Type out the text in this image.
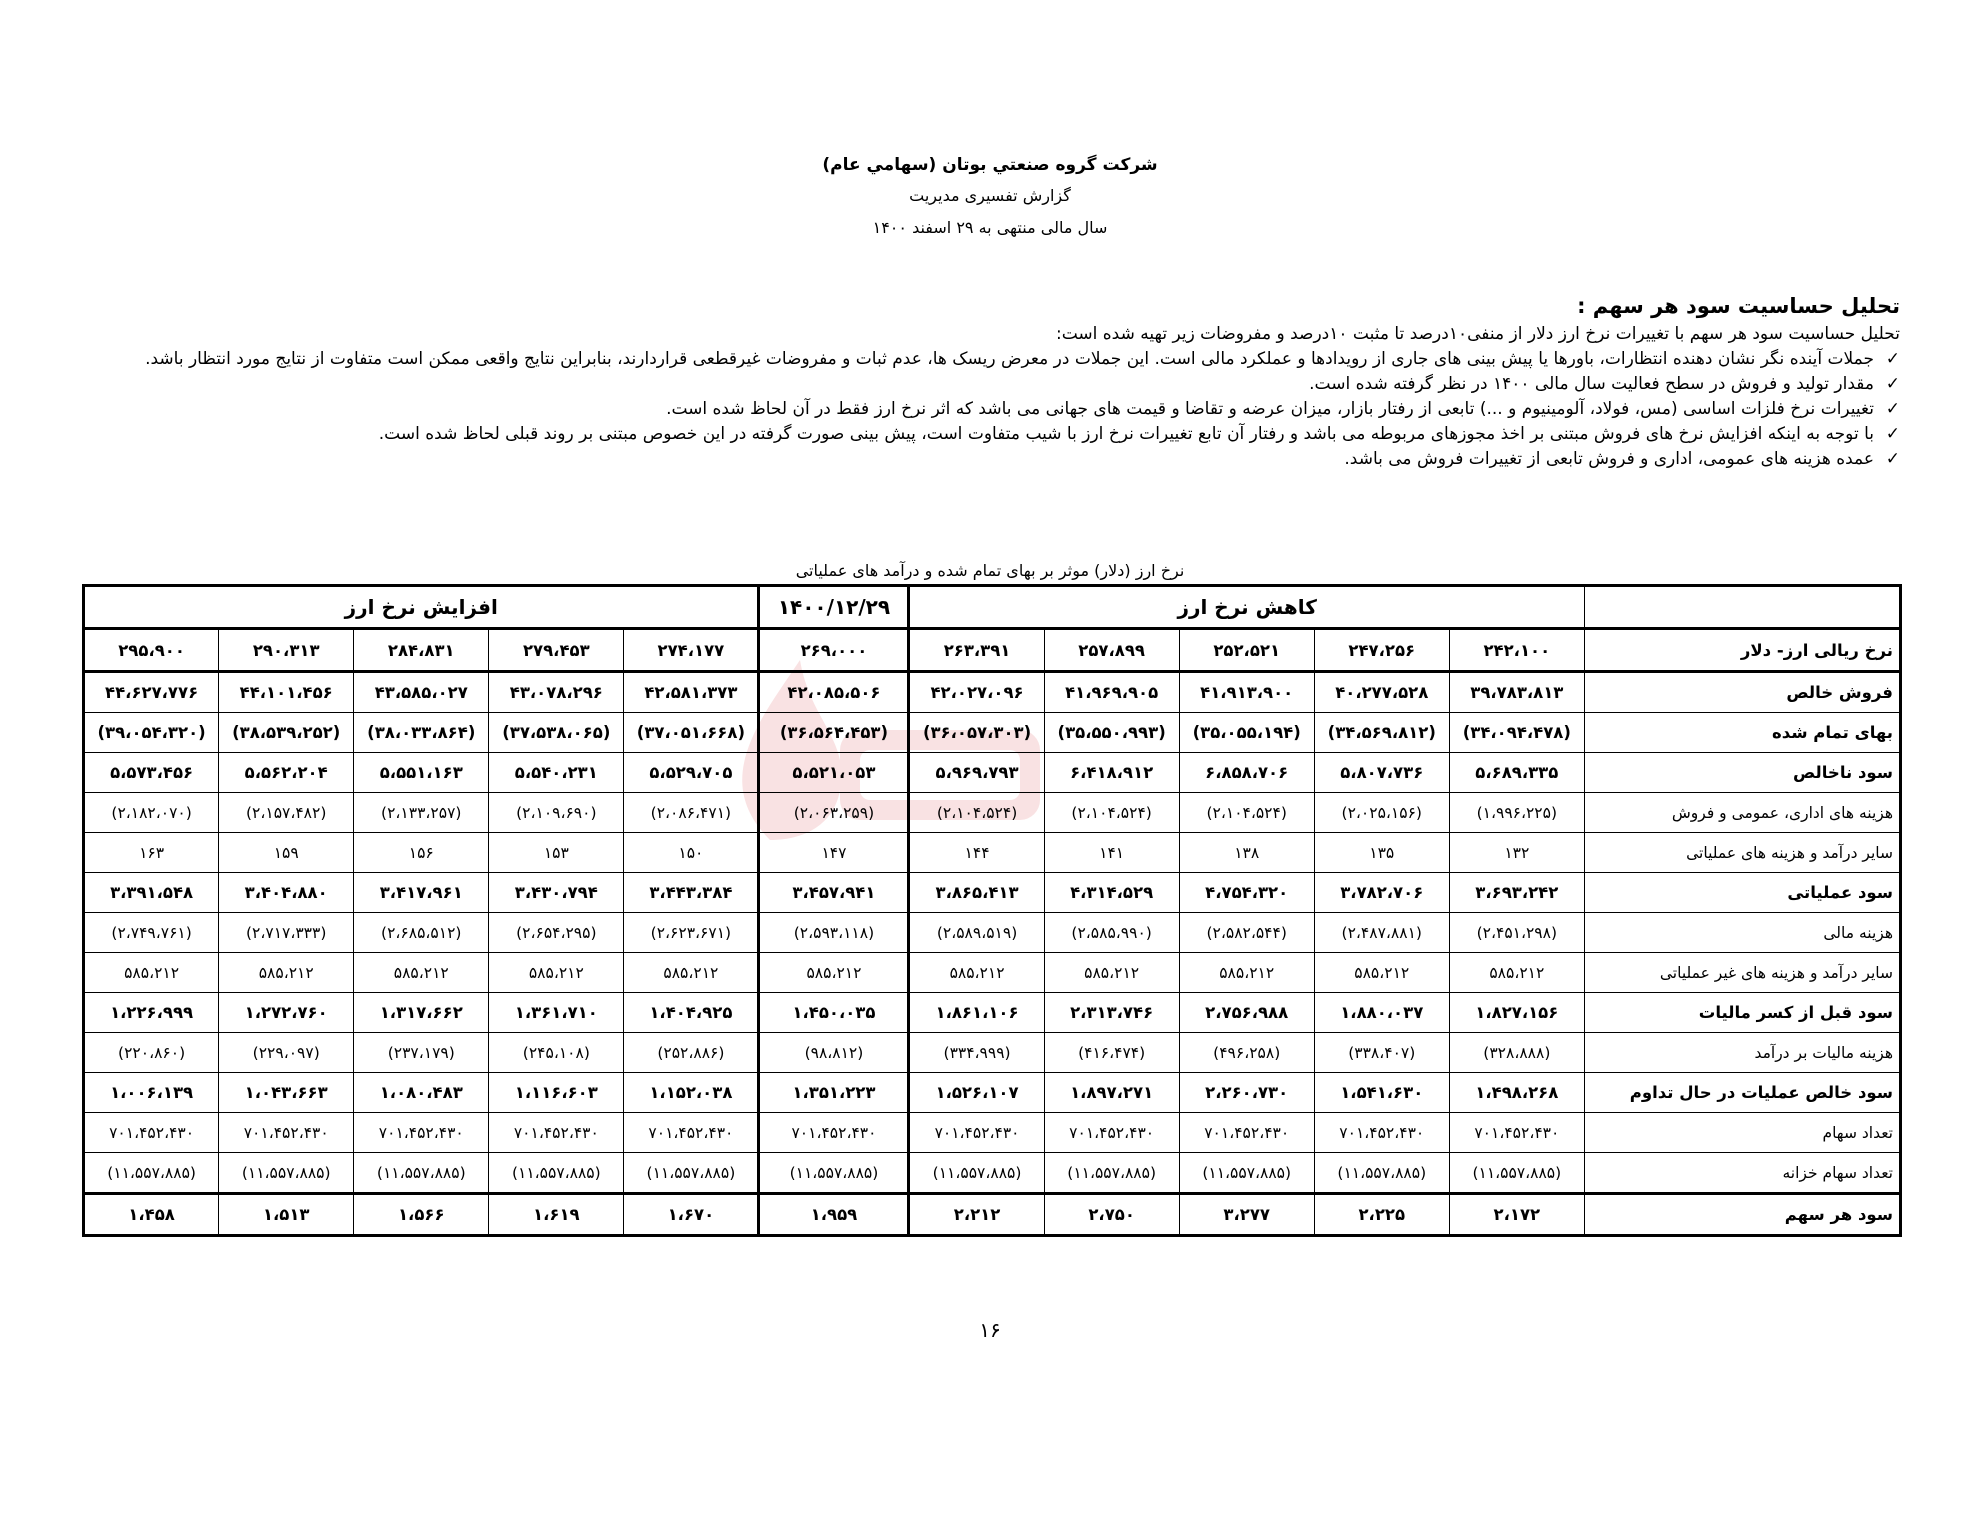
شرکت گروه صنعتي بوتان (سهامي عام)
گزارش تفسیری مدیریت
سال مالی منتهی به ۲۹ اسفند ۱۴۰۰
تحلیل حساسیت سود هر سهم :

تحلیل حساسیت سود هر سهم با تغییرات نرخ ارز دلار از منفی۱۰درصد تا مثبت ۱۰درصد و مفروضات زیر تهیه شده است:

✓
جملات آینده نگر نشان دهنده انتظارات، باورها یا پیش بینی های جاری از رویدادها و عملکرد مالی است. این جملات در معرض ریسک ها، عدم ثبات و مفروضات غیرقطعی قراردارند، بنابراین نتایج واقعی ممکن است متفاوت از نتایج مورد انتظار باشد.
✓
مقدار تولید و فروش در سطح فعالیت سال مالی ۱۴۰۰ در نظر گرفته شده است.
✓
تغییرات نرخ فلزات اساسی (مس، فولاد، آلومینیوم و ...) تابعی از رفتار بازار، میزان عرضه و تقاضا و قیمت های جهانی می باشد که اثر نرخ ارز فقط در آن لحاظ شده است.
✓
با توجه به اینکه افزایش نرخ های فروش مبتنی بر اخذ مجوزهای مربوطه می باشد و رفتار آن تابع تغییرات نرخ ارز با شیب متفاوت است، پیش بینی صورت گرفته در این خصوص مبتنی بر روند قبلی لحاظ شده است.
✓
عمده هزینه های عمومی، اداری و فروش تابعی از تغییرات فروش می باشد.
نرخ ارز (دلار) موثر بر بهای تمام شده و درآمد های عملیاتی
	کاهش نرخ ارز					۱۴۰۰/۱۲/۲۹	افزایش نرخ ارز				
نرخ ریالی ارز- دلار	۲۴۲،۱۰۰	۲۴۷،۲۵۶	۲۵۲،۵۲۱	۲۵۷،۸۹۹	۲۶۳،۳۹۱	۲۶۹،۰۰۰	۲۷۴،۱۷۷	۲۷۹،۴۵۳	۲۸۴،۸۳۱	۲۹۰،۳۱۳	۲۹۵،۹۰۰
فروش خالص	۳۹،۷۸۳،۸۱۳	۴۰،۲۷۷،۵۲۸	۴۱،۹۱۳،۹۰۰	۴۱،۹۶۹،۹۰۵	۴۲،۰۲۷،۰۹۶	۴۲،۰۸۵،۵۰۶	۴۲،۵۸۱،۳۷۳	۴۳،۰۷۸،۲۹۶	۴۳،۵۸۵،۰۲۷	۴۴،۱۰۱،۴۵۶	۴۴،۶۲۷،۷۷۶
بهای تمام شده	(۳۴،۰۹۴،۴۷۸)	(۳۴،۵۶۹،۸۱۲)	(۳۵،۰۵۵،۱۹۴)	(۳۵،۵۵۰،۹۹۳)	(۳۶،۰۵۷،۳۰۳)	(۳۶،۵۶۴،۴۵۳)	(۳۷،۰۵۱،۶۶۸)	(۳۷،۵۳۸،۰۶۵)	(۳۸،۰۳۳،۸۶۴)	(۳۸،۵۳۹،۲۵۲)	(۳۹،۰۵۴،۳۲۰)
سود ناخالص	۵،۶۸۹،۳۳۵	۵،۸۰۷،۷۳۶	۶،۸۵۸،۷۰۶	۶،۴۱۸،۹۱۲	۵،۹۶۹،۷۹۳	۵،۵۲۱،۰۵۳	۵،۵۲۹،۷۰۵	۵،۵۴۰،۲۳۱	۵،۵۵۱،۱۶۳	۵،۵۶۲،۲۰۴	۵،۵۷۳،۴۵۶
هزینه های اداری، عمومی و فروش	(۱،۹۹۶،۲۲۵)	(۲،۰۲۵،۱۵۶)	(۲،۱۰۴،۵۲۴)	(۲،۱۰۴،۵۲۴)	(۲،۱۰۴،۵۲۴)	(۲،۰۶۳،۲۵۹)	(۲،۰۸۶،۴۷۱)	(۲،۱۰۹،۶۹۰)	(۲،۱۳۳،۲۵۷)	(۲،۱۵۷،۴۸۲)	(۲،۱۸۲،۰۷۰)
سایر درآمد و هزینه های عملیاتی	۱۳۲	۱۳۵	۱۳۸	۱۴۱	۱۴۴	۱۴۷	۱۵۰	۱۵۳	۱۵۶	۱۵۹	۱۶۳
سود عملیاتی	۳،۶۹۳،۲۴۲	۳،۷۸۲،۷۰۶	۴،۷۵۴،۳۲۰	۴،۳۱۴،۵۲۹	۳،۸۶۵،۴۱۳	۳،۴۵۷،۹۴۱	۳،۴۴۳،۳۸۴	۳،۴۳۰،۷۹۴	۳،۴۱۷،۹۶۱	۳،۴۰۴،۸۸۰	۳،۳۹۱،۵۴۸
هزینه مالی	(۲،۴۵۱،۲۹۸)	(۲،۴۸۷،۸۸۱)	(۲،۵۸۲،۵۴۴)	(۲،۵۸۵،۹۹۰)	(۲،۵۸۹،۵۱۹)	(۲،۵۹۳،۱۱۸)	(۲،۶۲۳،۶۷۱)	(۲،۶۵۴،۲۹۵)	(۲،۶۸۵،۵۱۲)	(۲،۷۱۷،۳۳۳)	(۲،۷۴۹،۷۶۱)
سایر درآمد و هزینه های غیر عملیاتی	۵۸۵،۲۱۲	۵۸۵،۲۱۲	۵۸۵،۲۱۲	۵۸۵،۲۱۲	۵۸۵،۲۱۲	۵۸۵،۲۱۲	۵۸۵،۲۱۲	۵۸۵،۲۱۲	۵۸۵،۲۱۲	۵۸۵،۲۱۲	۵۸۵،۲۱۲
سود قبل از کسر مالیات	۱،۸۲۷،۱۵۶	۱،۸۸۰،۰۳۷	۲،۷۵۶،۹۸۸	۲،۳۱۳،۷۴۶	۱،۸۶۱،۱۰۶	۱،۴۵۰،۰۳۵	۱،۴۰۴،۹۲۵	۱،۳۶۱،۷۱۰	۱،۳۱۷،۶۶۲	۱،۲۷۲،۷۶۰	۱،۲۲۶،۹۹۹
هزینه مالیات بر درآمد	(۳۲۸،۸۸۸)	(۳۳۸،۴۰۷)	(۴۹۶،۲۵۸)	(۴۱۶،۴۷۴)	(۳۳۴،۹۹۹)	(۹۸،۸۱۲)	(۲۵۲،۸۸۶)	(۲۴۵،۱۰۸)	(۲۳۷،۱۷۹)	(۲۲۹،۰۹۷)	(۲۲۰،۸۶۰)
سود خالص عملیات در حال تداوم	۱،۴۹۸،۲۶۸	۱،۵۴۱،۶۳۰	۲،۲۶۰،۷۳۰	۱،۸۹۷،۲۷۱	۱،۵۲۶،۱۰۷	۱،۳۵۱،۲۲۳	۱،۱۵۲،۰۳۸	۱،۱۱۶،۶۰۳	۱،۰۸۰،۴۸۳	۱،۰۴۳،۶۶۳	۱،۰۰۶،۱۳۹
تعداد سهام	۷۰۱،۴۵۲،۴۳۰	۷۰۱،۴۵۲،۴۳۰	۷۰۱،۴۵۲،۴۳۰	۷۰۱،۴۵۲،۴۳۰	۷۰۱،۴۵۲،۴۳۰	۷۰۱،۴۵۲،۴۳۰	۷۰۱،۴۵۲،۴۳۰	۷۰۱،۴۵۲،۴۳۰	۷۰۱،۴۵۲،۴۳۰	۷۰۱،۴۵۲،۴۳۰	۷۰۱،۴۵۲،۴۳۰
تعداد سهام خزانه	(۱۱،۵۵۷،۸۸۵)	(۱۱،۵۵۷،۸۸۵)	(۱۱،۵۵۷،۸۸۵)	(۱۱،۵۵۷،۸۸۵)	(۱۱،۵۵۷،۸۸۵)	(۱۱،۵۵۷،۸۸۵)	(۱۱،۵۵۷،۸۸۵)	(۱۱،۵۵۷،۸۸۵)	(۱۱،۵۵۷،۸۸۵)	(۱۱،۵۵۷،۸۸۵)	(۱۱،۵۵۷،۸۸۵)
سود هر سهم	۲،۱۷۲	۲،۲۲۵	۳،۲۷۷	۲،۷۵۰	۲،۲۱۲	۱،۹۵۹	۱،۶۷۰	۱،۶۱۹	۱،۵۶۶	۱،۵۱۳	۱،۴۵۸
۱۶
